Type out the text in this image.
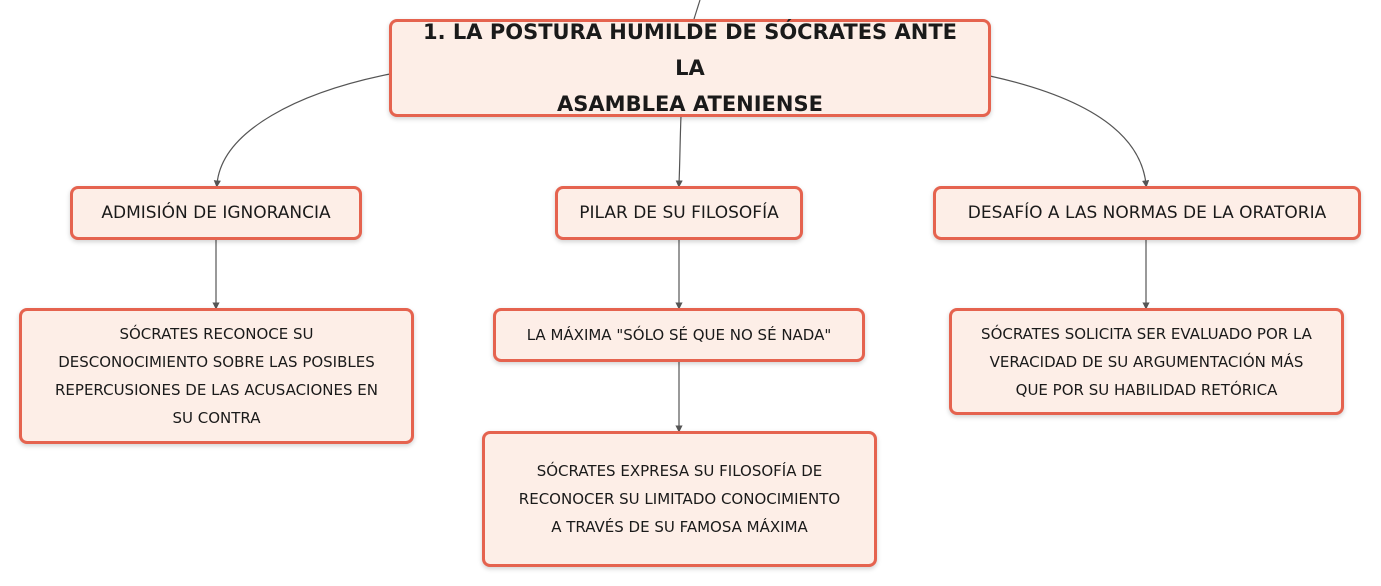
1. LA POSTURA HUMILDE DE SÓCRATES ANTE LA
ASAMBLEA ATENIENSE
ADMISIÓN DE IGNORANCIA	PILAR DE SU FILOSOFÍA	DESAFÍO A LAS NORMAS DE LA ORATORIA
SÓCRATES RECONOCE SU
DESCONOCIMIENTO SOBRE LAS POSIBLES
REPERCUSIONES DE LAS ACUSACIONES EN
SU CONTRA
LA MÁXIMA "SÓLO SÉ QUE NO SÉ NADA"
SÓCRATES EXPRESA SU FILOSOFÍA DE
RECONOCER SU LIMITADO CONOCIMIENTO
A TRAVÉS DE SU FAMOSA MÁXIMA
SÓCRATES SOLICITA SER EVALUADO POR LA
VERACIDAD DE SU ARGUMENTACIÓN MÁS
QUE POR SU HABILIDAD RETÓRICA
